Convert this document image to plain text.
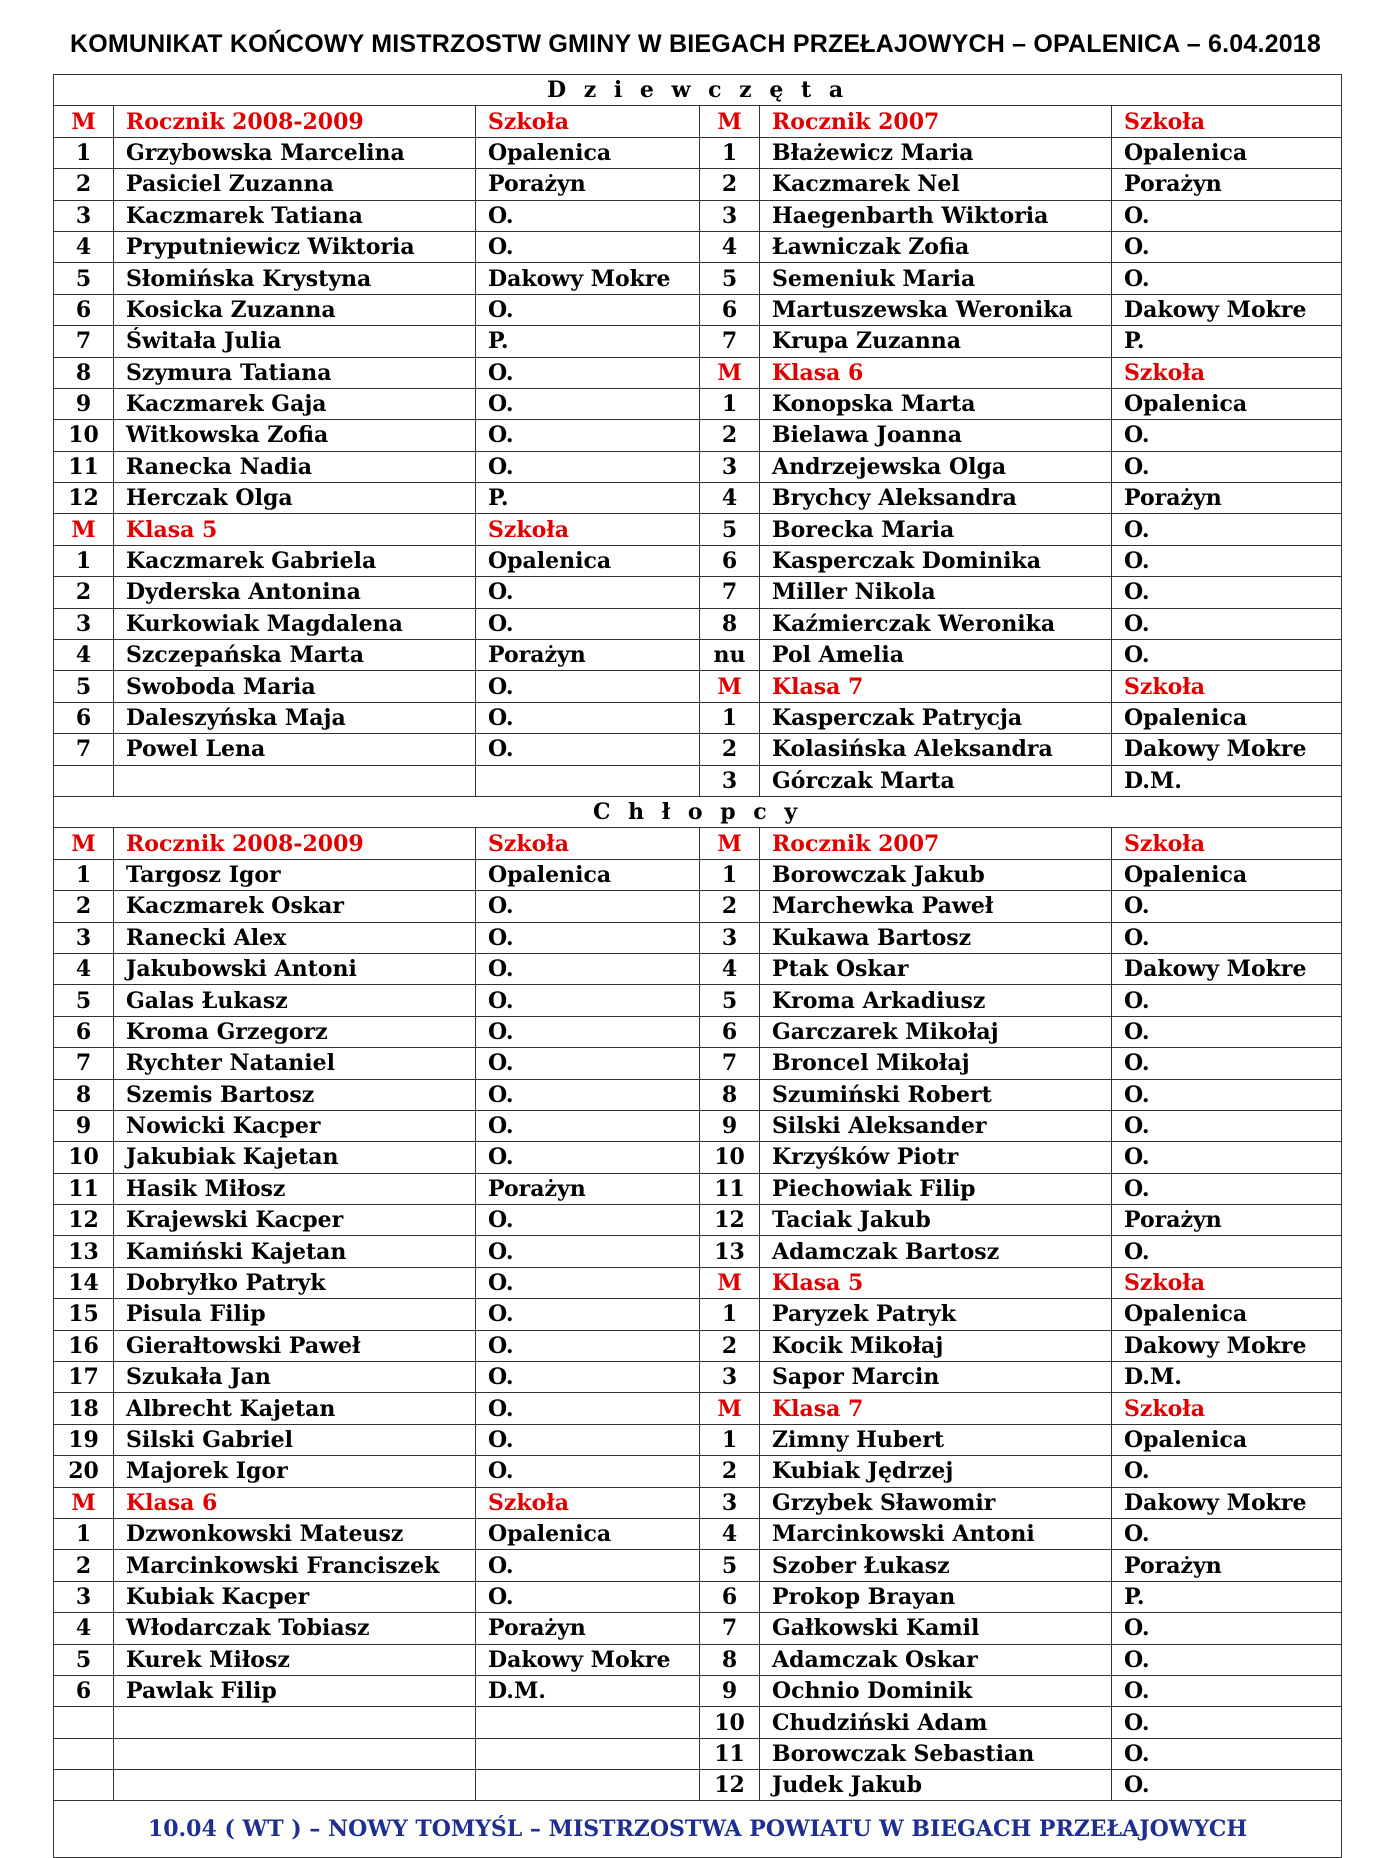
KOMUNIKAT KOŃCOWY MISTRZOSTW GMINY W BIEGACH PRZEŁAJOWYCH – OPALENICA – 6.04.2018
D z i e w c z ę t a					
M	Rocznik 2008-2009	Szkoła	M	Rocznik 2007	Szkoła
1	Grzybowska Marcelina	Opalenica	1	Błażewicz Maria	Opalenica
2	Pasiciel Zuzanna	Porażyn	2	Kaczmarek Nel	Porażyn
3	Kaczmarek Tatiana	O.	3	Haegenbarth Wiktoria	O.
4	Pryputniewicz Wiktoria	O.	4	Ławniczak Zofia	O.
5	Słomińska Krystyna	Dakowy Mokre	5	Semeniuk Maria	O.
6	Kosicka Zuzanna	O.	6	Martuszewska Weronika	Dakowy Mokre
7	Świtała Julia	P.	7	Krupa Zuzanna	P.
8	Szymura Tatiana	O.	M	Klasa 6	Szkoła
9	Kaczmarek Gaja	O.	1	Konopska Marta	Opalenica
10	Witkowska Zofia	O.	2	Bielawa Joanna	O.
11	Ranecka Nadia	O.	3	Andrzejewska Olga	O.
12	Herczak Olga	P.	4	Brychcy Aleksandra	Porażyn
M	Klasa 5	Szkoła	5	Borecka Maria	O.
1	Kaczmarek Gabriela	Opalenica	6	Kasperczak Dominika	O.
2	Dyderska Antonina	O.	7	Miller Nikola	O.
3	Kurkowiak Magdalena	O.	8	Kaźmierczak Weronika	O.
4	Szczepańska Marta	Porażyn	nu	Pol Amelia	O.
5	Swoboda Maria	O.	M	Klasa 7	Szkoła
6	Daleszyńska Maja	O.	1	Kasperczak Patrycja	Opalenica
7	Powel Lena	O.	2	Kolasińska Aleksandra	Dakowy Mokre
			3	Górczak Marta	D.M.
C h ł o p c y					
M	Rocznik 2008-2009	Szkoła	M	Rocznik 2007	Szkoła
1	Targosz Igor	Opalenica	1	Borowczak Jakub	Opalenica
2	Kaczmarek Oskar	O.	2	Marchewka Paweł	O.
3	Ranecki Alex	O.	3	Kukawa Bartosz	O.
4	Jakubowski Antoni	O.	4	Ptak Oskar	Dakowy Mokre
5	Galas Łukasz	O.	5	Kroma Arkadiusz	O.
6	Kroma Grzegorz	O.	6	Garczarek Mikołaj	O.
7	Rychter Nataniel	O.	7	Broncel Mikołaj	O.
8	Szemis Bartosz	O.	8	Szumiński Robert	O.
9	Nowicki Kacper	O.	9	Silski Aleksander	O.
10	Jakubiak Kajetan	O.	10	Krzyśków Piotr	O.
11	Hasik Miłosz	Porażyn	11	Piechowiak Filip	O.
12	Krajewski Kacper	O.	12	Taciak Jakub	Porażyn
13	Kamiński Kajetan	O.	13	Adamczak Bartosz	O.
14	Dobryłko Patryk	O.	M	Klasa 5	Szkoła
15	Pisula Filip	O.	1	Paryzek Patryk	Opalenica
16	Gierałtowski Paweł	O.	2	Kocik Mikołaj	Dakowy Mokre
17	Szukała Jan	O.	3	Sapor Marcin	D.M.
18	Albrecht Kajetan	O.	M	Klasa 7	Szkoła
19	Silski Gabriel	O.	1	Zimny Hubert	Opalenica
20	Majorek Igor	O.	2	Kubiak Jędrzej	O.
M	Klasa 6	Szkoła	3	Grzybek Sławomir	Dakowy Mokre
1	Dzwonkowski Mateusz	Opalenica	4	Marcinkowski Antoni	O.
2	Marcinkowski Franciszek	O.	5	Szober Łukasz	Porażyn
3	Kubiak Kacper	O.	6	Prokop Brayan	P.
4	Włodarczak Tobiasz	Porażyn	7	Gałkowski Kamil	O.
5	Kurek Miłosz	Dakowy Mokre	8	Adamczak Oskar	O.
6	Pawlak Filip	D.M.	9	Ochnio Dominik	O.
			10	Chudziński Adam	O.
			11	Borowczak Sebastian	O.
			12	Judek Jakub	O.
10.04 ( WT ) – NOWY TOMYŚL – MISTRZOSTWA POWIATU W BIEGACH PRZEŁAJOWYCH					
